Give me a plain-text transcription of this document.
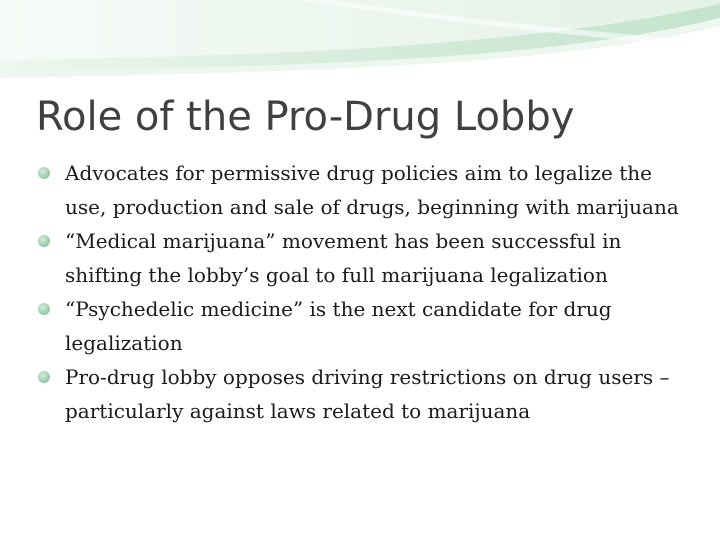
Role of the Pro-Drug Lobby
Advocates for permissive drug policies aim to legalize the use, production and sale of drugs, beginning with marijuana
“Medical marijuana” movement has been successful in shifting the lobby’s goal to full marijuana legalization
“Psychedelic medicine” is the next candidate for drug legalization
Pro-drug lobby opposes driving restrictions on drug users – particularly against laws related to marijuana
